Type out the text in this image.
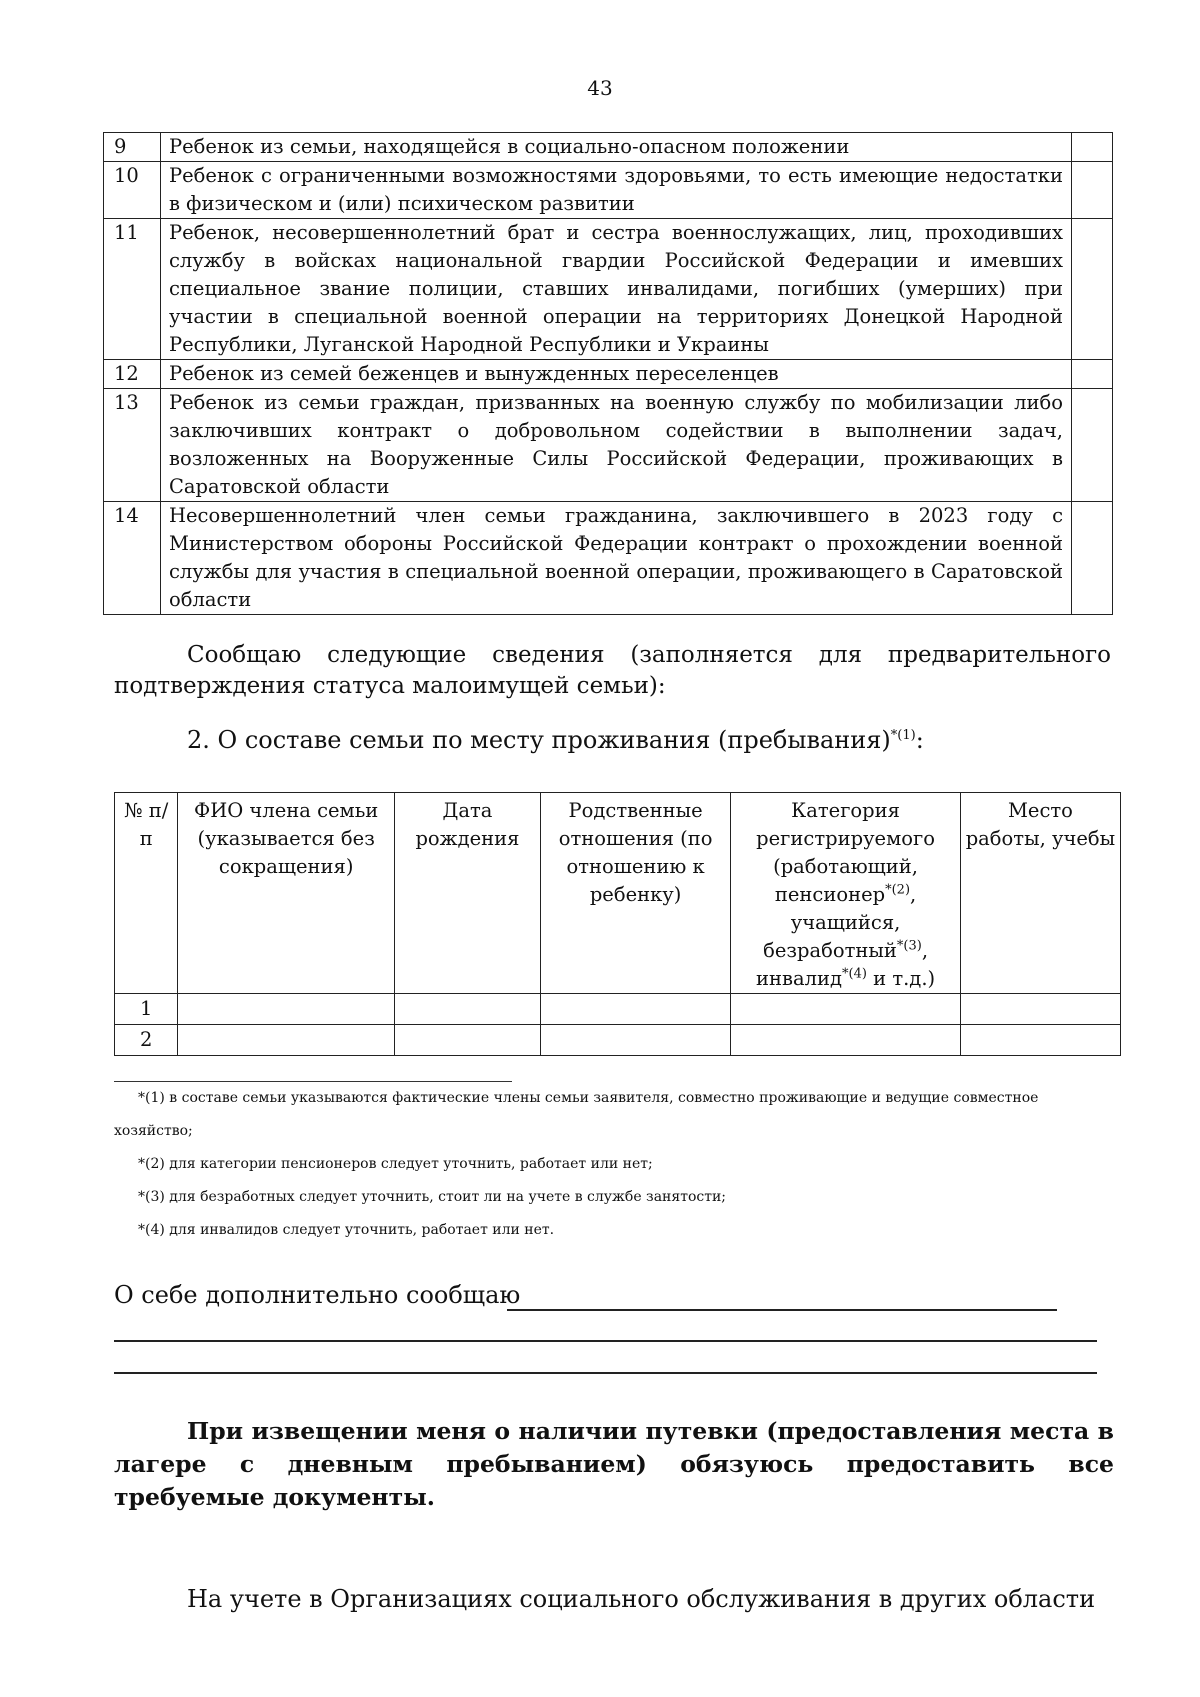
43
9	Ребенок из семьи, находящейся в социально-опасном положении	
10	Ребенок с ограниченными возможностями здоровьями, то есть имеющие недостатки в физическом и (или) психическом развитии	
11	Ребенок, несовершеннолетний брат и сестра военнослужащих, лиц, проходивших службу в войсках национальной гвардии Российской Федерации и имевших специальное звание полиции, ставших инвалидами, погибших (умерших) при участии в специальной военной операции на территориях Донецкой Народной Республики, Луганской Народной Республики и Украины	
12	Ребенок из семей беженцев и вынужденных переселенцев	
13	Ребенок из семьи граждан, призванных на военную службу по мобилизации либо заключивших контракт о добровольном содействии в выполнении задач, возложенных на Вооруженные Силы Российской Федерации, проживающих в Саратовской области	
14	Несовершеннолетний член семьи гражданина, заключившего в 2023 году с Министерством обороны Российской Федерации контракт о прохождении военной службы для участия в специальной военной операции, проживающего в Саратовской области	
Сообщаю следующие сведения (заполняется для предварительного подтверждения статуса малоимущей семьи):
2. О составе семьи по месту проживания (пребывания)$^{*(1)}$:
№ п/п	ФИО члена семьи (указывается без сокращения)	Дата рождения	Родственные отношения (по отношению к ребенку)	Категория регистрируемого (работающий, пенсионер$^{*(2)}$, учащийся, безработный$^{*(3)}$, инвалид$^{*(4)}$ и т.д.)	Место работы, учебы
1					
2					
*(1) в составе семьи указываются фактические члены семьи заявителя, совместно проживающие и ведущие совместное хозяйство;
*(2) для категории пенсионеров следует уточнить, работает или нет;
*(3) для безработных следует уточнить, стоит ли на учете в службе занятости;
*(4) для инвалидов следует уточнить, работает или нет.
О себе дополнительно сообщаю
При извещении меня о наличии путевки (предоставления места в лагере с дневным пребыванием) обязуюсь предоставить все требуемые документы.
На учете в Организациях социального обслуживания в других области
